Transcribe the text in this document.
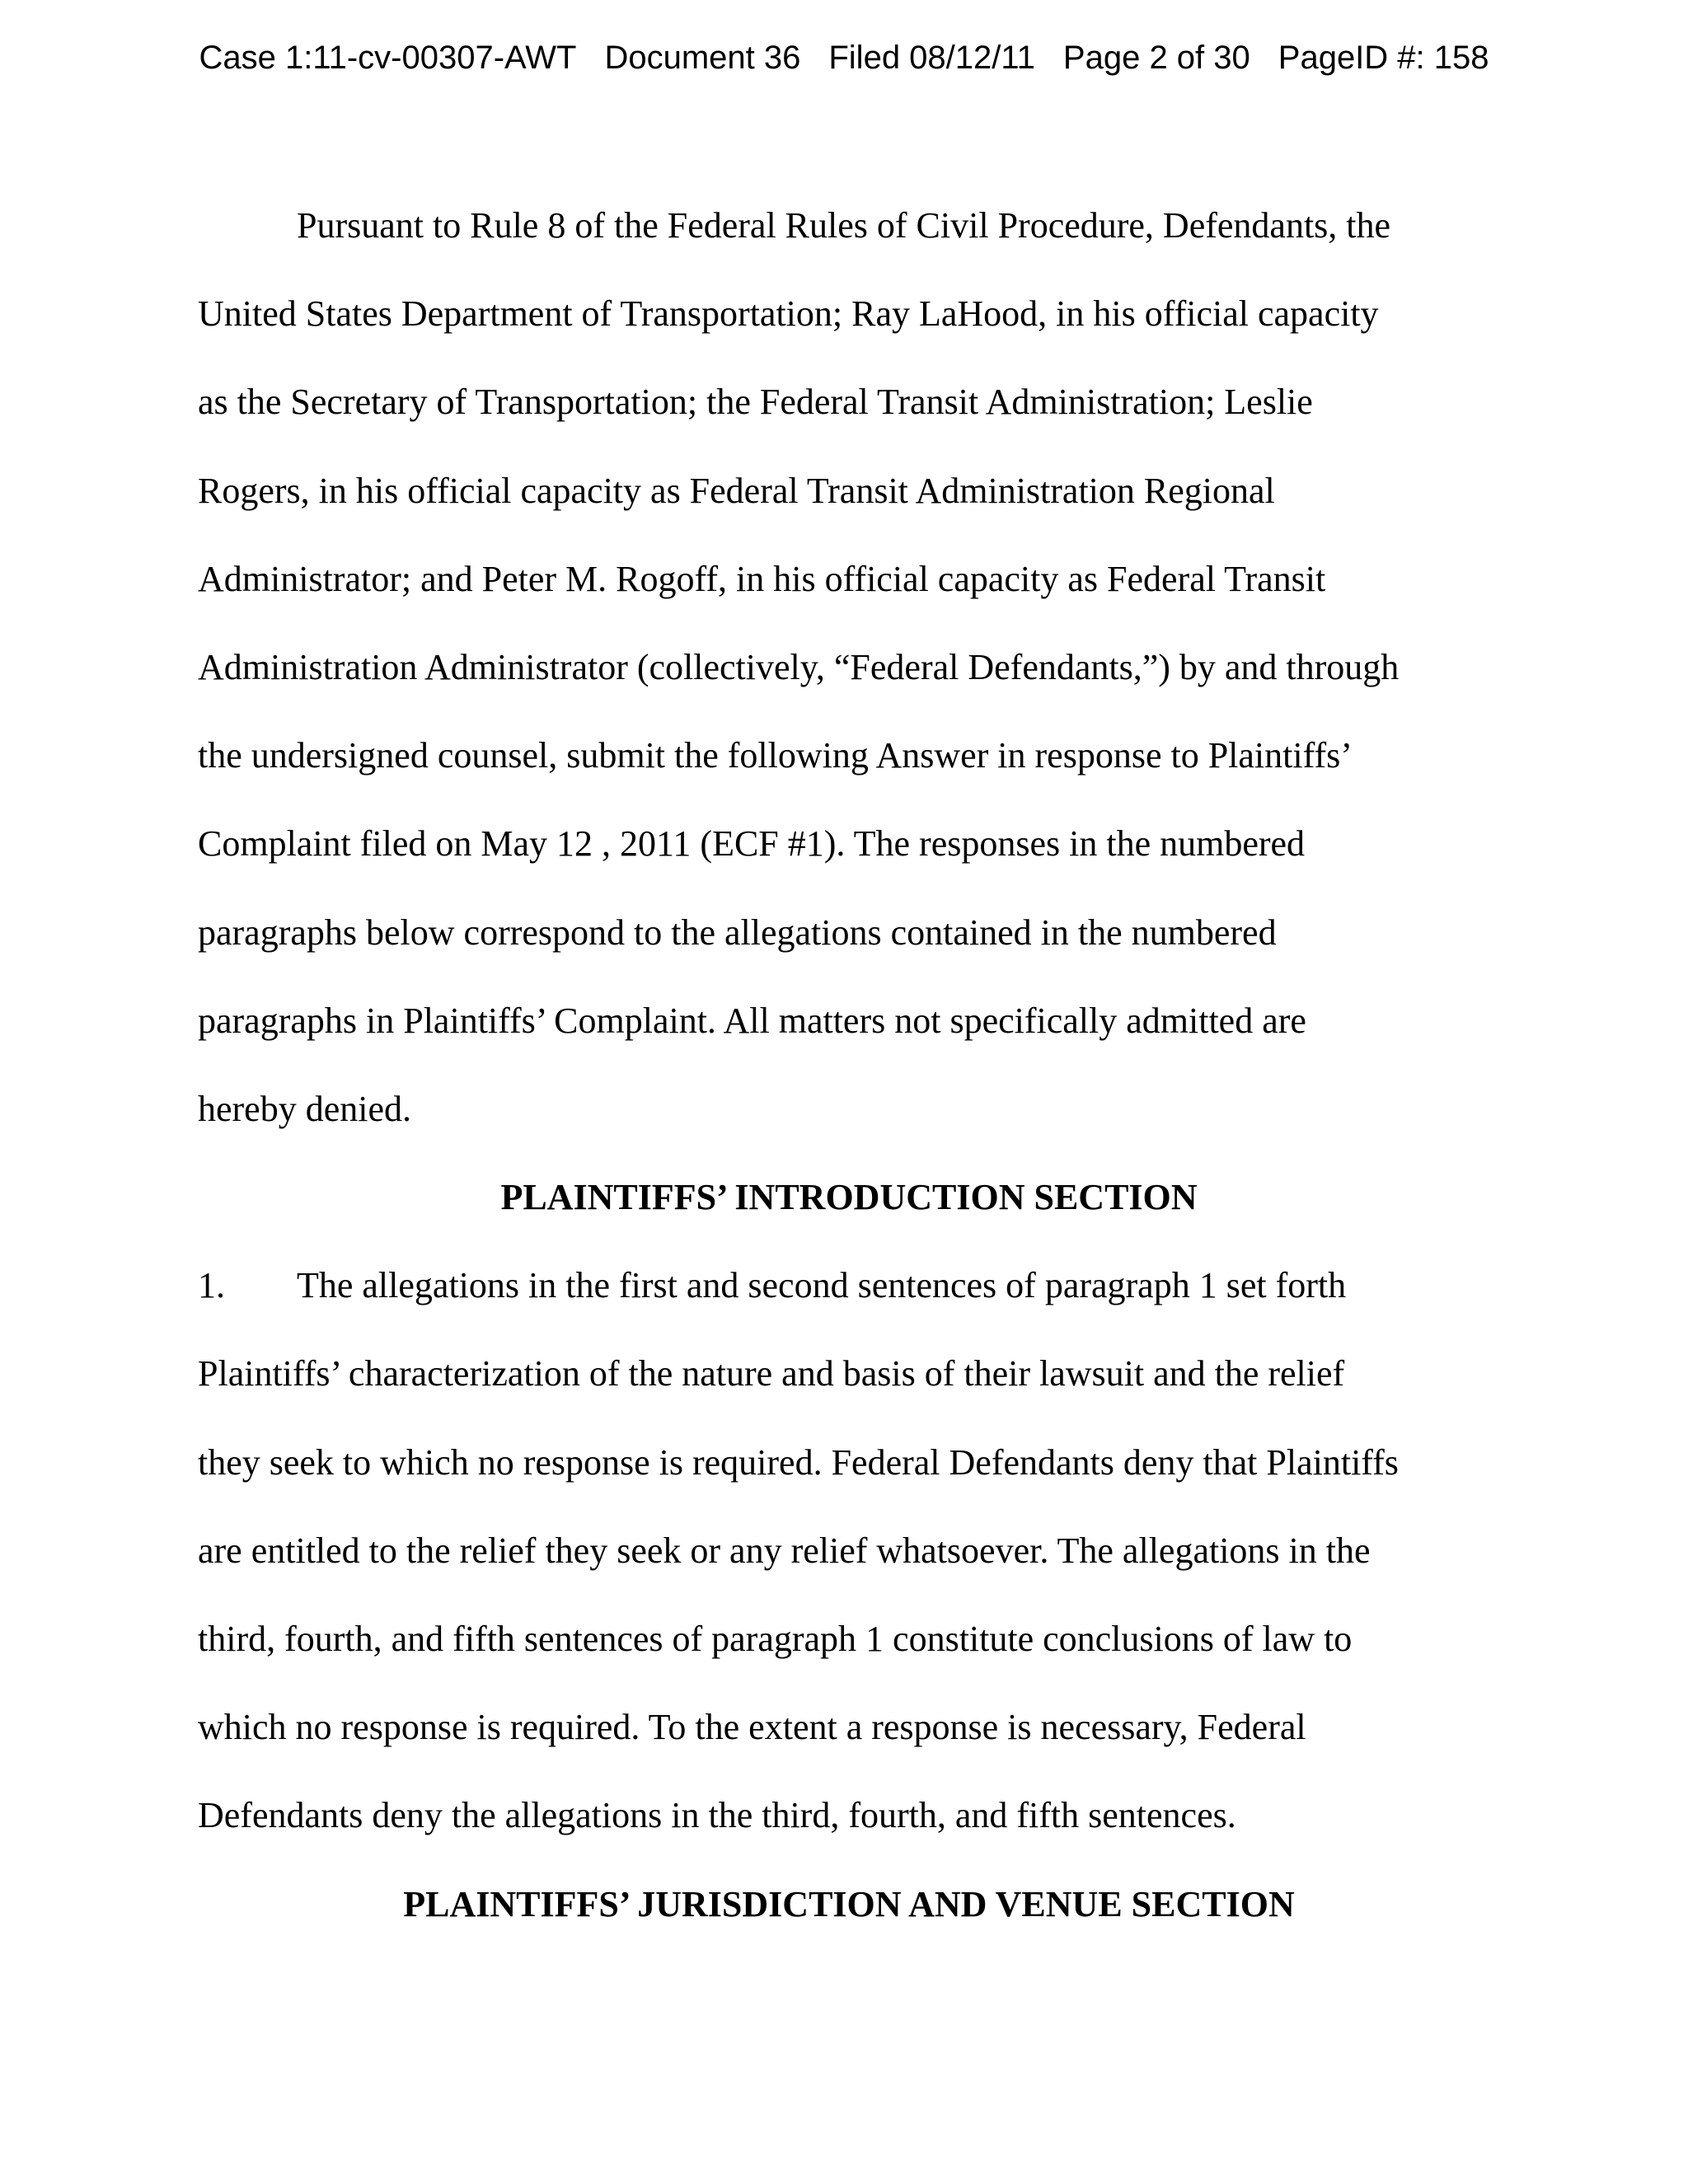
Case 1:11-cv-00307-AWT Document 36 Filed 08/12/11 Page 2 of 30 PageID #: 158
Pursuant to Rule 8 of the Federal Rules of Civil Procedure, Defendants, the
United States Department of Transportation; Ray LaHood, in his official capacity
as the Secretary of Transportation; the Federal Transit Administration; Leslie
Rogers, in his official capacity as Federal Transit Administration Regional
Administrator; and Peter M. Rogoff, in his official capacity as Federal Transit
Administration Administrator (collectively, “Federal Defendants,”) by and through
the undersigned counsel, submit the following Answer in response to Plaintiffs’
Complaint filed on May 12 , 2011 (ECF #1). The responses in the numbered
paragraphs below correspond to the allegations contained in the numbered
paragraphs in Plaintiffs’ Complaint. All matters not specifically admitted are
hereby denied.
PLAINTIFFS’ INTRODUCTION SECTION
1. The allegations in the first and second sentences of paragraph 1 set forth
Plaintiffs’ characterization of the nature and basis of their lawsuit and the relief
they seek to which no response is required. Federal Defendants deny that Plaintiffs
are entitled to the relief they seek or any relief whatsoever. The allegations in the
third, fourth, and fifth sentences of paragraph 1 constitute conclusions of law to
which no response is required. To the extent a response is necessary, Federal
Defendants deny the allegations in the third, fourth, and fifth sentences.
PLAINTIFFS’ JURISDICTION AND VENUE SECTION
